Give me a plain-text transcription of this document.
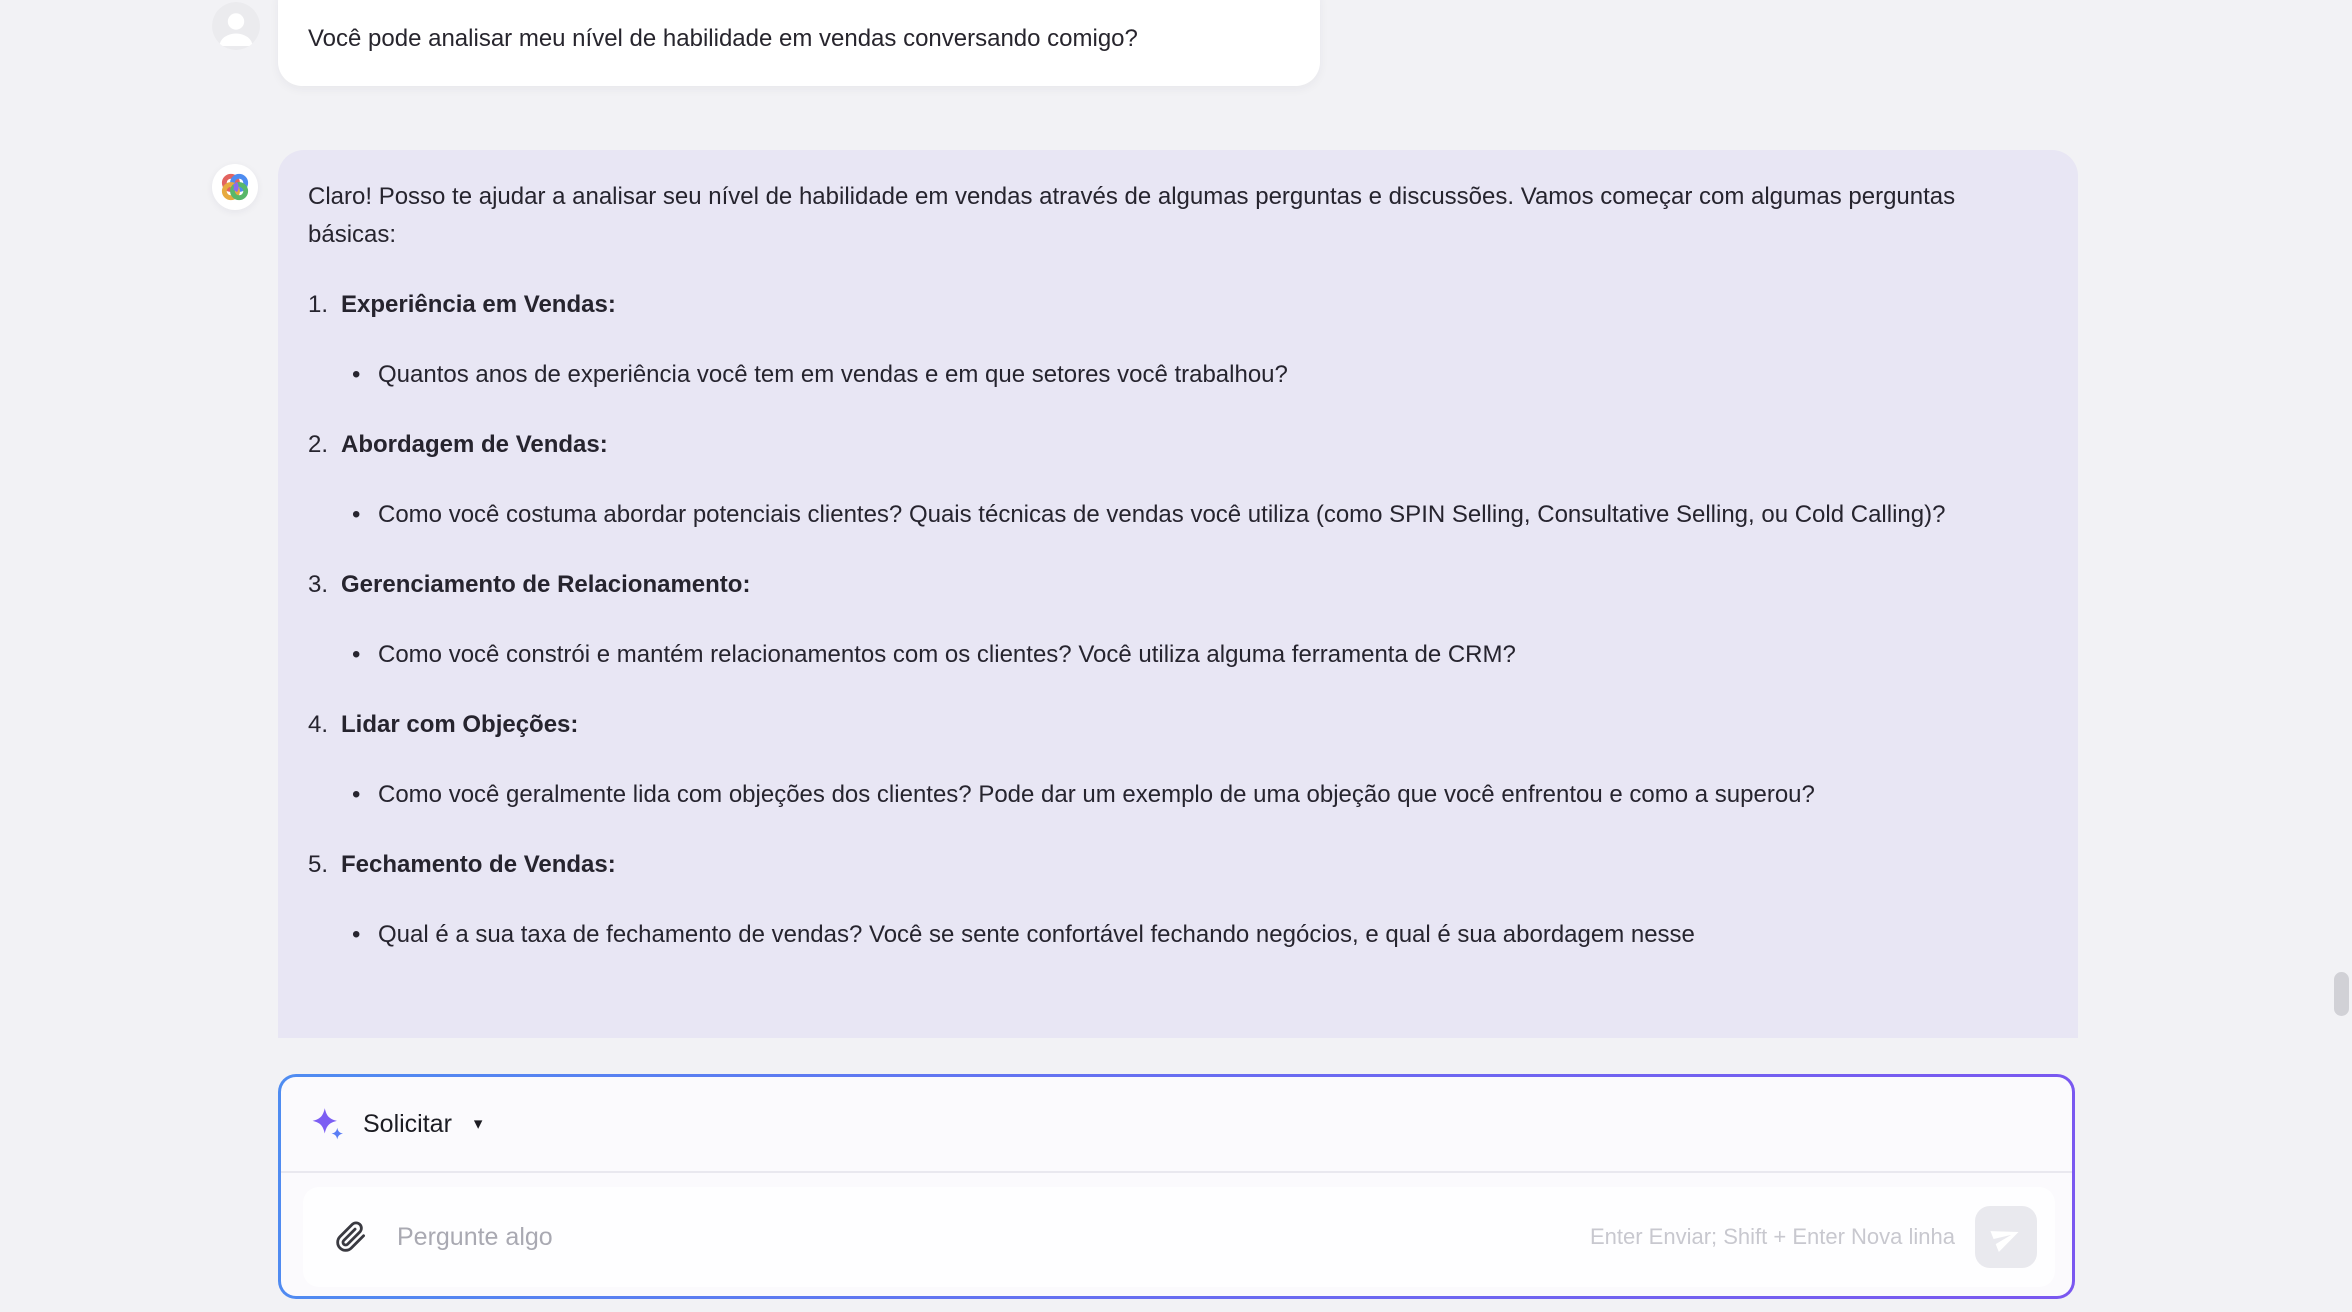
Você pode analisar meu nível de habilidade em vendas conversando comigo?

Claro! Posso te ajudar a analisar seu nível de habilidade em vendas através de algumas perguntas e discussões. Vamos começar com algumas perguntas básicas:

1. Experiência em Vendas:

• Quantos anos de experiência você tem em vendas e em que setores você trabalhou?
2. Abordagem de Vendas:

• Como você costuma abordar potenciais clientes? Quais técnicas de vendas você utiliza (como SPIN Selling, Consultative Selling, ou Cold Calling)?
3. Gerenciamento de Relacionamento:

• Como você constrói e mantém relacionamentos com os clientes? Você utiliza alguma ferramenta de CRM?
4. Lidar com Objeções:

• Como você geralmente lida com objeções dos clientes? Pode dar um exemplo de uma objeção que você enfrentou e como a superou?
5. Fechamento de Vendas:

• Qual é a sua taxa de fechamento de vendas? Você se sente confortável fechando negócios, e qual é sua abordagem nesse
Solicitar ▾
Pergunte algo	Enter Enviar; Shift + Enter Nova linha
